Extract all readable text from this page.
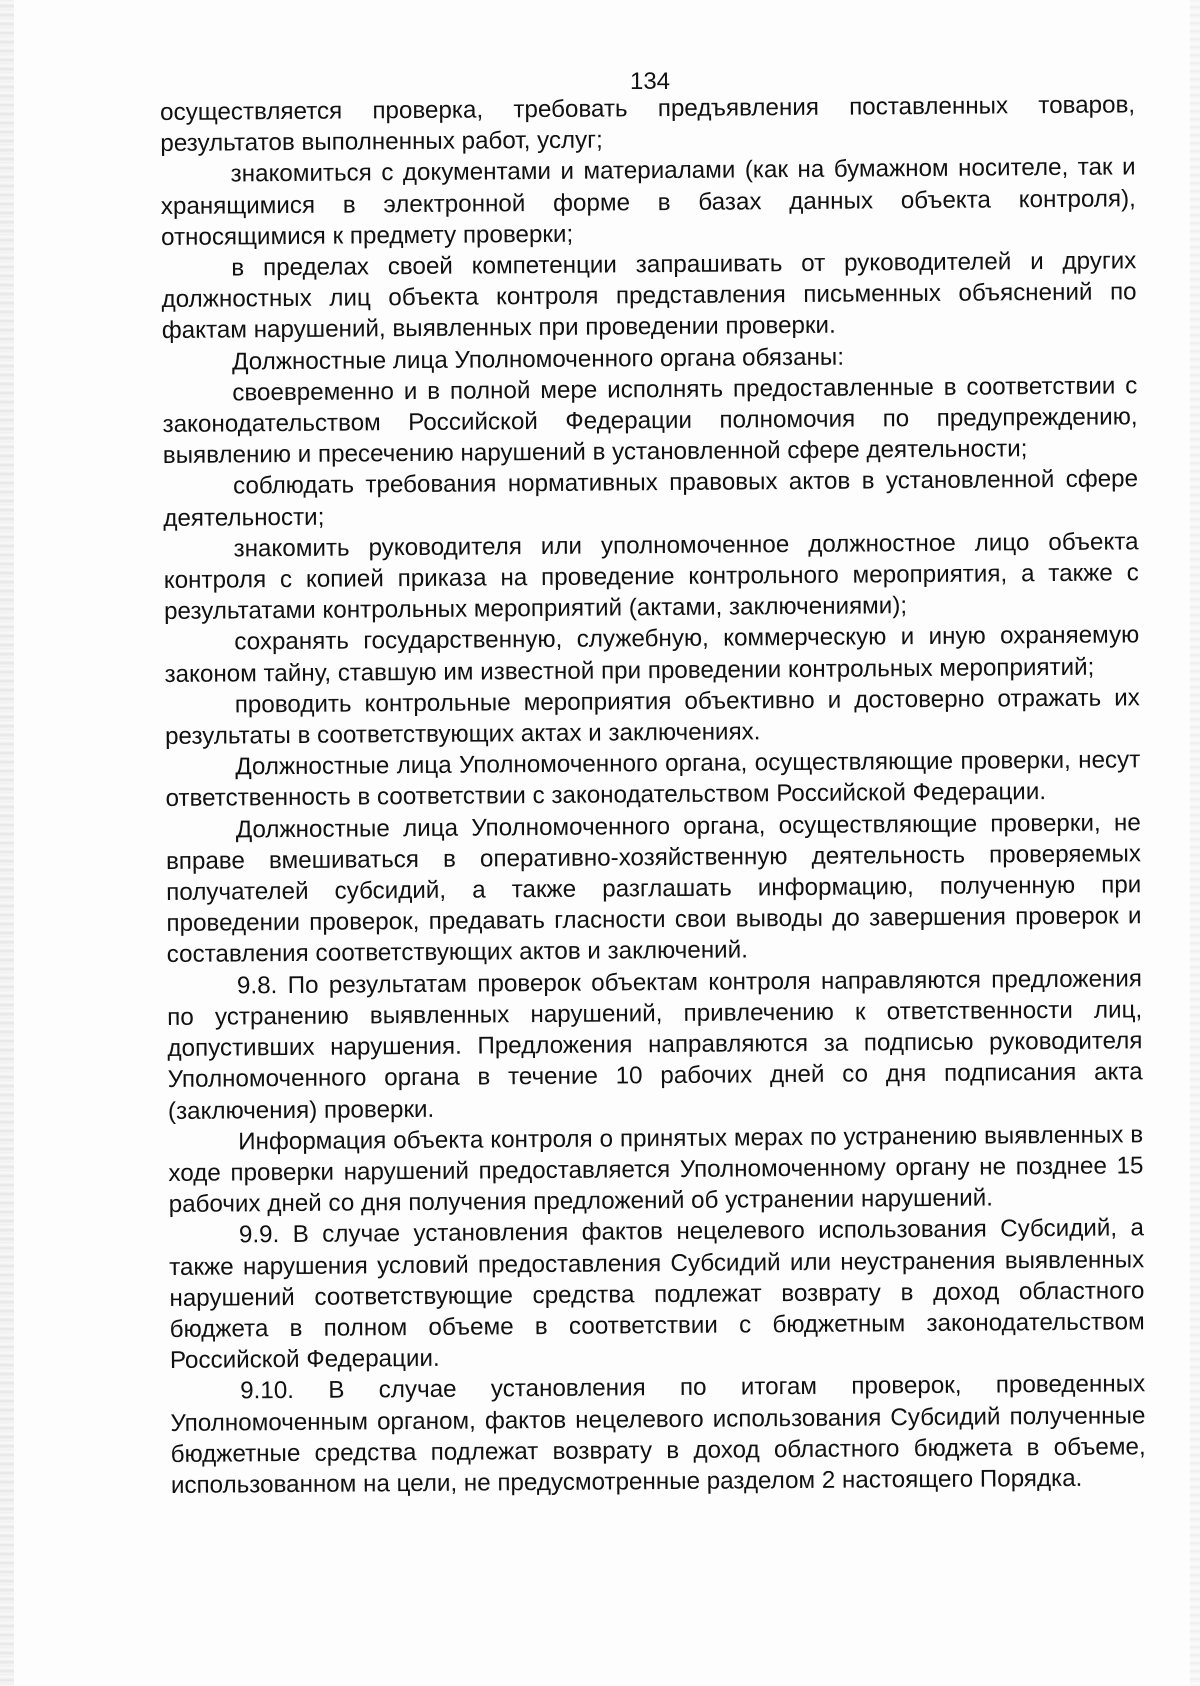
134

осуществляется проверка, требовать предъявления поставленных товаров, результатов выполненных работ, услуг;

знакомиться с документами и материалами (как на бумажном носителе, так и хранящимися в электронной форме в базах данных объекта контроля), относящимися к предмету проверки;

в пределах своей компетенции запрашивать от руководителей и других должностных лиц объекта контроля представления письменных объяснений по фактам нарушений, выявленных при проведении проверки.

Должностные лица Уполномоченного органа обязаны:

своевременно и в полной мере исполнять предоставленные в соответствии с законодательством Российской Федерации полномочия по предупреждению, выявлению и пресечению нарушений в установленной сфере деятельности;

соблюдать требования нормативных правовых актов в установленной сфере деятельности;

знакомить руководителя или уполномоченное должностное лицо объекта контроля с копией приказа на проведение контрольного мероприятия, а также с результатами контрольных мероприятий (актами, заключениями);

сохранять государственную, служебную, коммерческую и иную охраняемую законом тайну, ставшую им известной при проведении контрольных мероприятий;

проводить контрольные мероприятия объективно и достоверно отражать их результаты в соответствующих актах и заключениях.

Должностные лица Уполномоченного органа, осуществляющие проверки, несут ответственность в соответствии с законодательством Российской Федерации.

Должностные лица Уполномоченного органа, осуществляющие проверки, не вправе вмешиваться в оперативно-хозяйственную деятельность проверяемых получателей субсидий, а также разглашать информацию, полученную при проведении проверок, предавать гласности свои выводы до завершения проверок и составления соответствующих актов и заключений.

9.8. По результатам проверок объектам контроля направляются предложения по устранению выявленных нарушений, привлечению к ответственности лиц, допустивших нарушения. Предложения направляются за подписью руководителя Уполномоченного органа в течение 10 рабочих дней со дня подписания акта (заключения) проверки.

Информация объекта контроля о принятых мерах по устранению выявленных в ходе проверки нарушений предоставляется Уполномоченному органу не позднее 15 рабочих дней со дня получения предложений об устранении нарушений.

9.9. В случае установления фактов нецелевого использования Субсидий, а также нарушения условий предоставления Субсидий или неустранения выявленных нарушений соответствующие средства подлежат возврату в доход областного бюджета в полном объеме в соответствии с бюджетным законодательством Российской Федерации.

9.10. В случае установления по итогам проверок, проведенных Уполномоченным органом, фактов нецелевого использования Субсидий полученные бюджетные средства подлежат возврату в доход областного бюджета в объеме, использованном на цели, не предусмотренные разделом 2 настоящего Порядка.
